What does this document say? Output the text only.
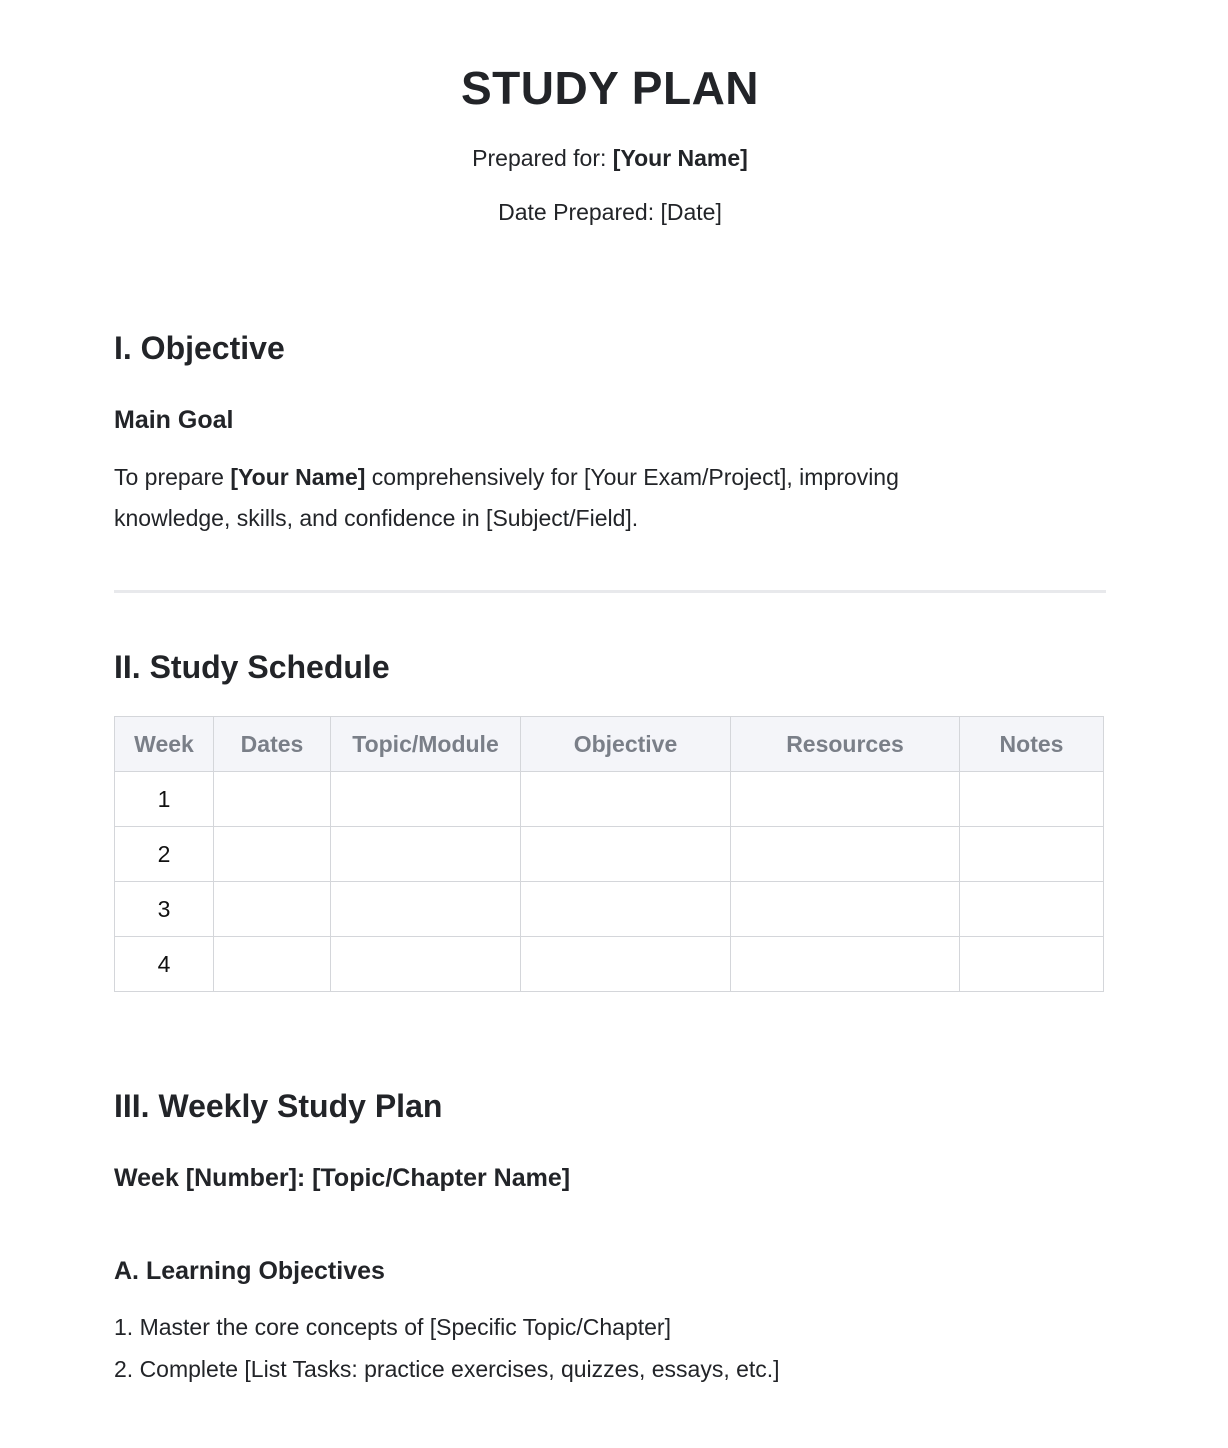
STUDY PLAN

Prepared for: [Your Name]

Date Prepared: [Date]

I. Objective
Main Goal

To prepare [Your Name] comprehensively for [Your Exam/Project], improving knowledge, skills, and confidence in [Subject/Field].

II. Study Schedule
Week	Dates	Topic/Module	Objective	Resources	Notes
1					
2					
3					
4					
III. Weekly Study Plan
Week [Number]: [Topic/Chapter Name]
A. Learning Objectives
1. Master the core concepts of [Specific Topic/Chapter]
2. Complete [List Tasks: practice exercises, quizzes, essays, etc.]
